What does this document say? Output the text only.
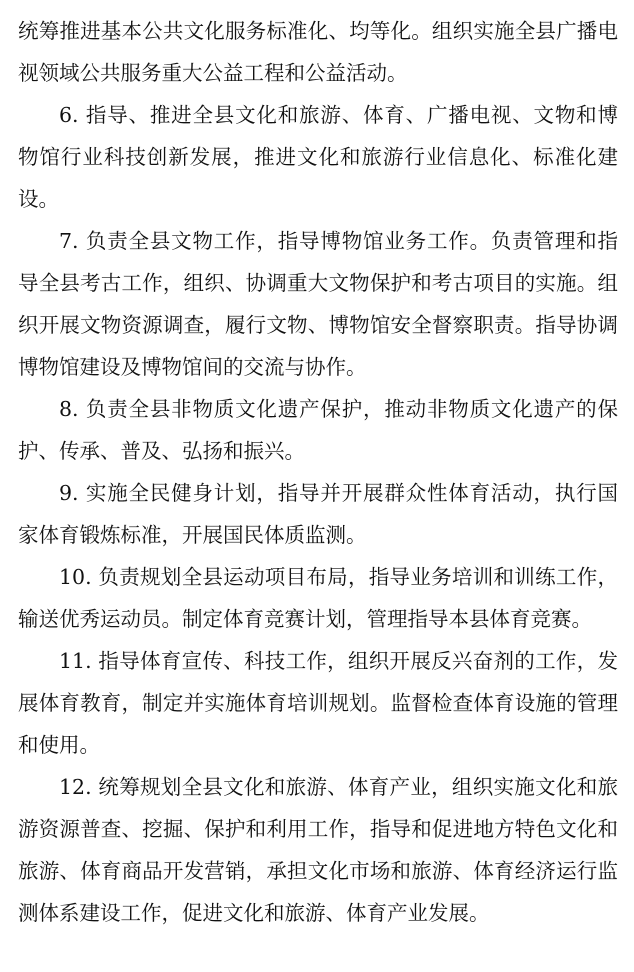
统筹推进基本公共文化服务标准化、均等化。组织实施全县广播电视领域公共服务重大公益工程和公益活动。

6. 指导、推进全县文化和旅游、体育、广播电视、文物和博物馆行业科技创新发展，推进文化和旅游行业信息化、标准化建设。

7. 负责全县文物工作，指导博物馆业务工作。负责管理和指导全县考古工作，组织、协调重大文物保护和考古项目的实施。组织开展文物资源调查，履行文物、博物馆安全督察职责。指导协调博物馆建设及博物馆间的交流与协作。

8. 负责全县非物质文化遗产保护，推动非物质文化遗产的保护、传承、普及、弘扬和振兴。

9. 实施全民健身计划，指导并开展群众性体育活动，执行国家体育锻炼标准，开展国民体质监测。

10. 负责规划全县运动项目布局，指导业务培训和训练工作，输送优秀运动员。制定体育竞赛计划，管理指导本县体育竞赛。

11. 指导体育宣传、科技工作，组织开展反兴奋剂的工作，发展体育教育，制定并实施体育培训规划。监督检查体育设施的管理和使用。

12. 统筹规划全县文化和旅游、体育产业，组织实施文化和旅游资源普查、挖掘、保护和利用工作，指导和促进地方特色文化和旅游、体育商品开发营销，承担文化市场和旅游、体育经济运行监测体系建设工作，促进文化和旅游、体育产业发展。
